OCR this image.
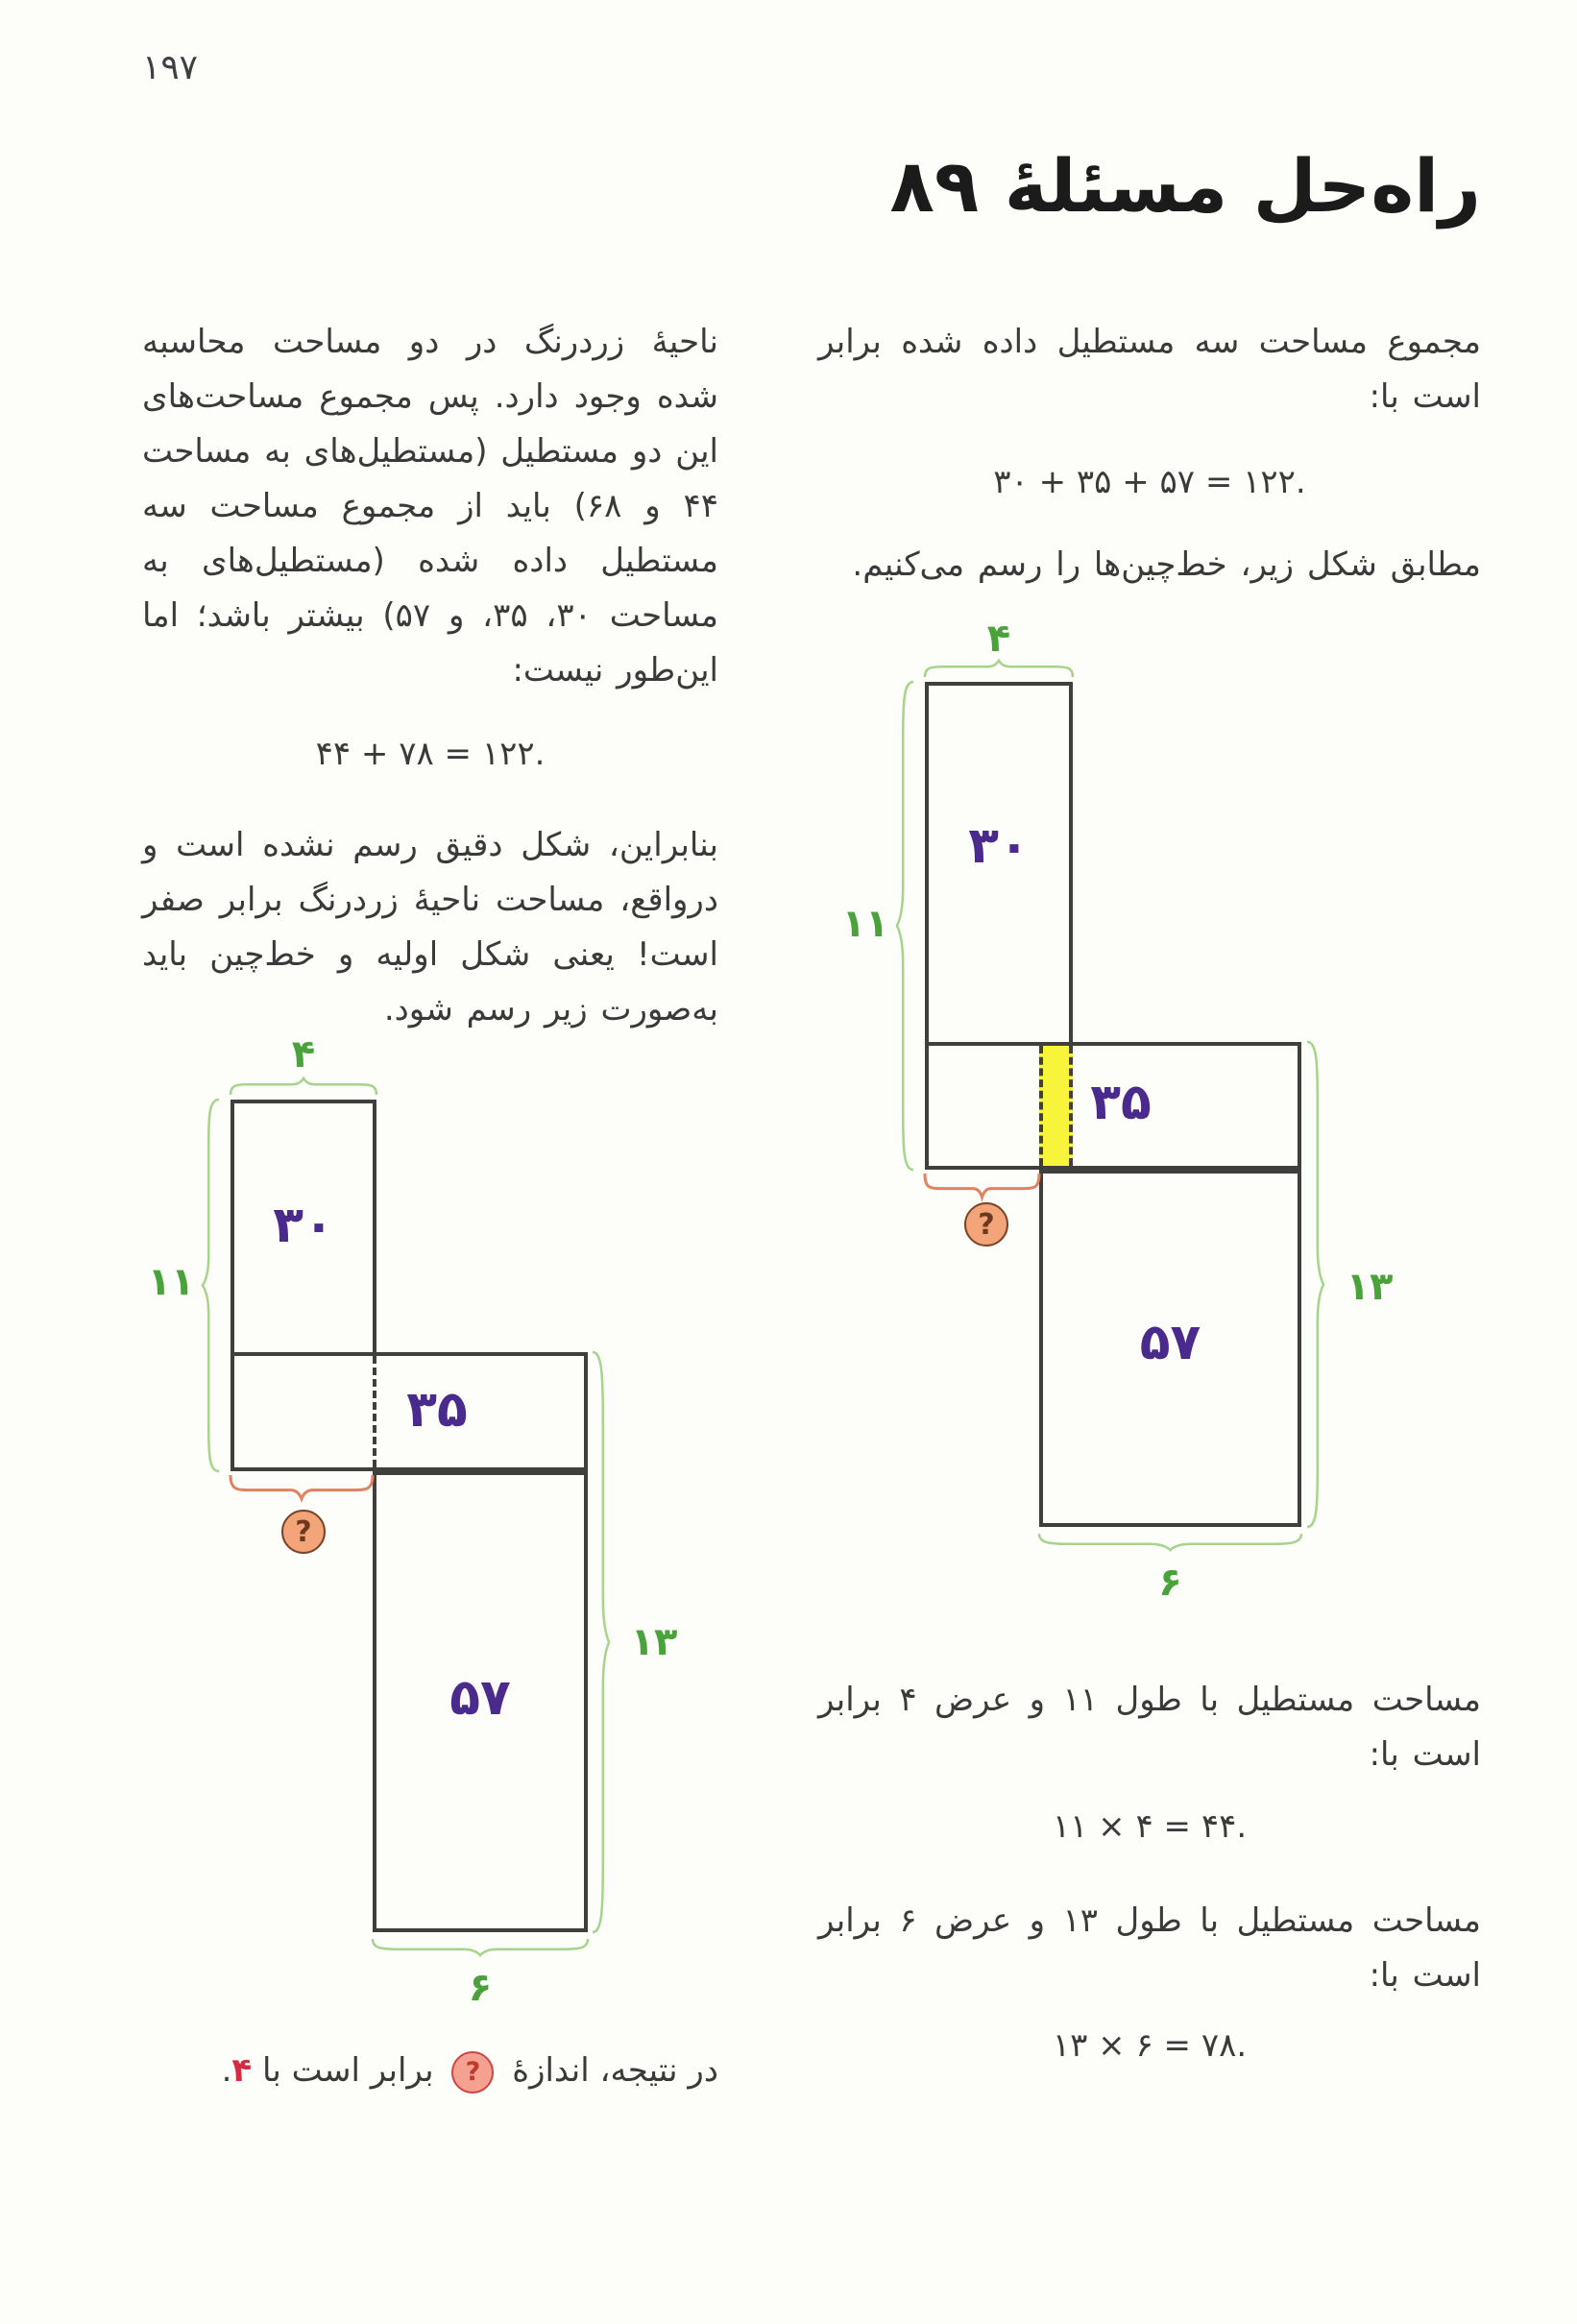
۱۹۷
راه‌حل مسئلهٔ ۸۹
مجموع مساحت سه مستطیل داده شده برابر است با:
۳۰ + ۳۵ + ۵۷ = ۱۲۲.
مطابق شکل زیر، خط‌چین‌ها را رسم می‌کنیم.
مساحت مستطیل با طول ۱۱ و عرض ۴ برابر است با:
۱۱ × ۴ = ۴۴.
مساحت مستطیل با طول ۱۳ و عرض ۶ برابر است با:
۱۳ × ۶ = ۷۸.
ناحیهٔ زردرنگ در دو مساحت محاسبه شده وجود دارد. پس مجموع مساحت‌های این دو مستطیل (مستطیل‌های به مساحت ۴۴ و ۶۸) باید از مجموع مساحت سه مستطیل داده شده (مستطیل‌های به مساحت ۳۰، ۳۵، و ۵۷) بیشتر باشد؛ اما این‌طور نیست:
۴۴ + ۷۸ = ۱۲۲.
بنابراین، شکل دقیق رسم نشده است و درواقع، مساحت ناحیهٔ زردرنگ برابر صفر است! یعنی شکل اولیه و خط‌چین باید به‌صورت زیر رسم شود.
در نتیجه، اندازهٔ ? برابر است با ۴.
۳۰
۳۵
۵۷
۴
۱۱
۱۳
۶
?
۳۰
۳۵
۵۷
۴
۱۱
۱۳
۶
?
